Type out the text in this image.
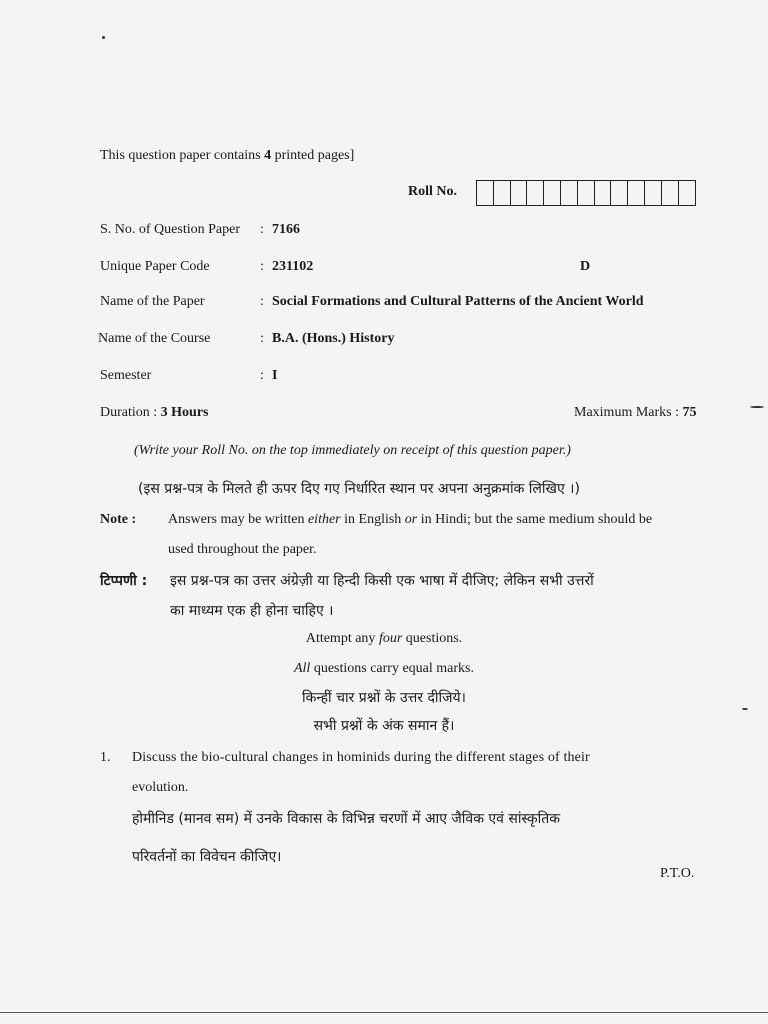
This question paper contains 4 printed pages]
Roll No.
S. No. of Question Paper : 7166
Unique Paper Code	: 231102	D
Name of the Paper	: Social Formations and Cultural Patterns of the Ancient World
Name of the Course	: B.A. (Hons.) History
Semester	: I
Duration : 3 Hours	Maximum Marks : 75
(Write your Roll No. on the top immediately on receipt of this question paper.)
(इस प्रश्न-पत्र के मिलते ही ऊपर दिए गए निर्धारित स्थान पर अपना अनुक्रमांक लिखिए ।)
Note : Answers may be written either in English or in Hindi; but the same medium should be
used throughout the paper.
टिप्पणी : इस प्रश्न-पत्र का उत्तर अंग्रेज़ी या हिन्दी किसी एक भाषा में दीजिए; लेकिन सभी उत्तरों
का माध्यम एक ही होना चाहिए ।
Attempt any four questions.
All questions carry equal marks.
किन्हीं चार प्रश्नों के उत्तर दीजिये।
सभी प्रश्नों के अंक समान हैं।
1. Discuss the bio-cultural changes in hominids during the different stages of their
evolution.
होमीनिड (मानव सम) में उनके विकास के विभिन्न चरणों में आए जैविक एवं सांस्कृतिक
परिवर्तनों का विवेचन कीजिए।
P.T.O.
